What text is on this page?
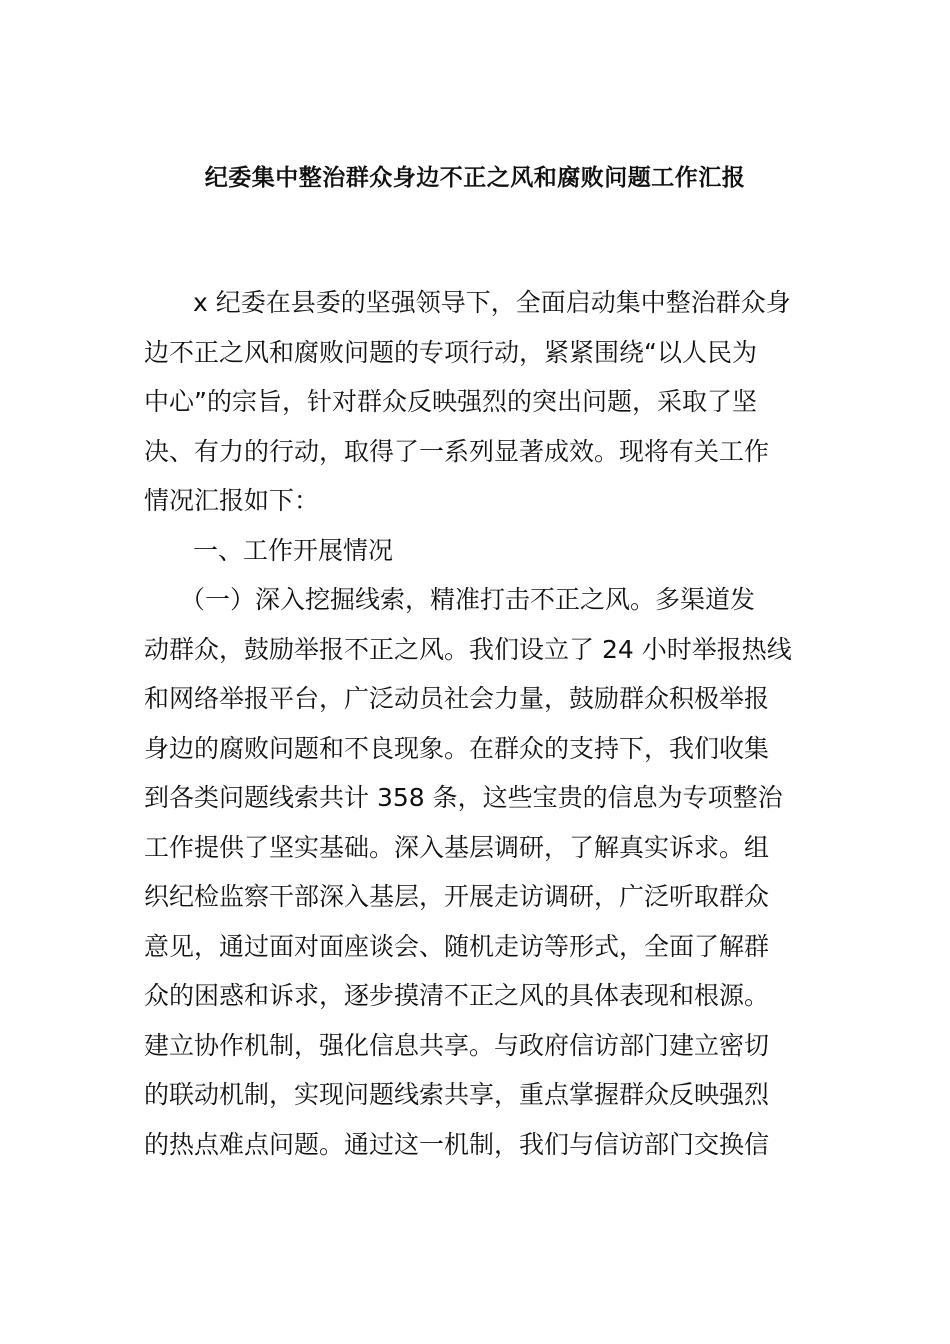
纪委集中整治群众身边不正之风和腐败问题工作汇报
x 纪委在县委的坚强领导下，全面启动集中整治群众身
边不正之风和腐败问题的专项行动，紧紧围绕“以人民为
中心”的宗旨，针对群众反映强烈的突出问题，采取了坚
决、有力的行动，取得了一系列显著成效。现将有关工作
情况汇报如下：
一、工作开展情况
（一）深入挖掘线索，精准打击不正之风。多渠道发
动群众，鼓励举报不正之风。我们设立了 24 小时举报热线
和网络举报平台，广泛动员社会力量，鼓励群众积极举报
身边的腐败问题和不良现象。在群众的支持下，我们收集
到各类问题线索共计 358 条，这些宝贵的信息为专项整治
工作提供了坚实基础。深入基层调研，了解真实诉求。组
织纪检监察干部深入基层，开展走访调研，广泛听取群众
意见，通过面对面座谈会、随机走访等形式，全面了解群
众的困惑和诉求，逐步摸清不正之风的具体表现和根源。
建立协作机制，强化信息共享。与政府信访部门建立密切
的联动机制，实现问题线索共享，重点掌握群众反映强烈
的热点难点问题。通过这一机制，我们与信访部门交换信
